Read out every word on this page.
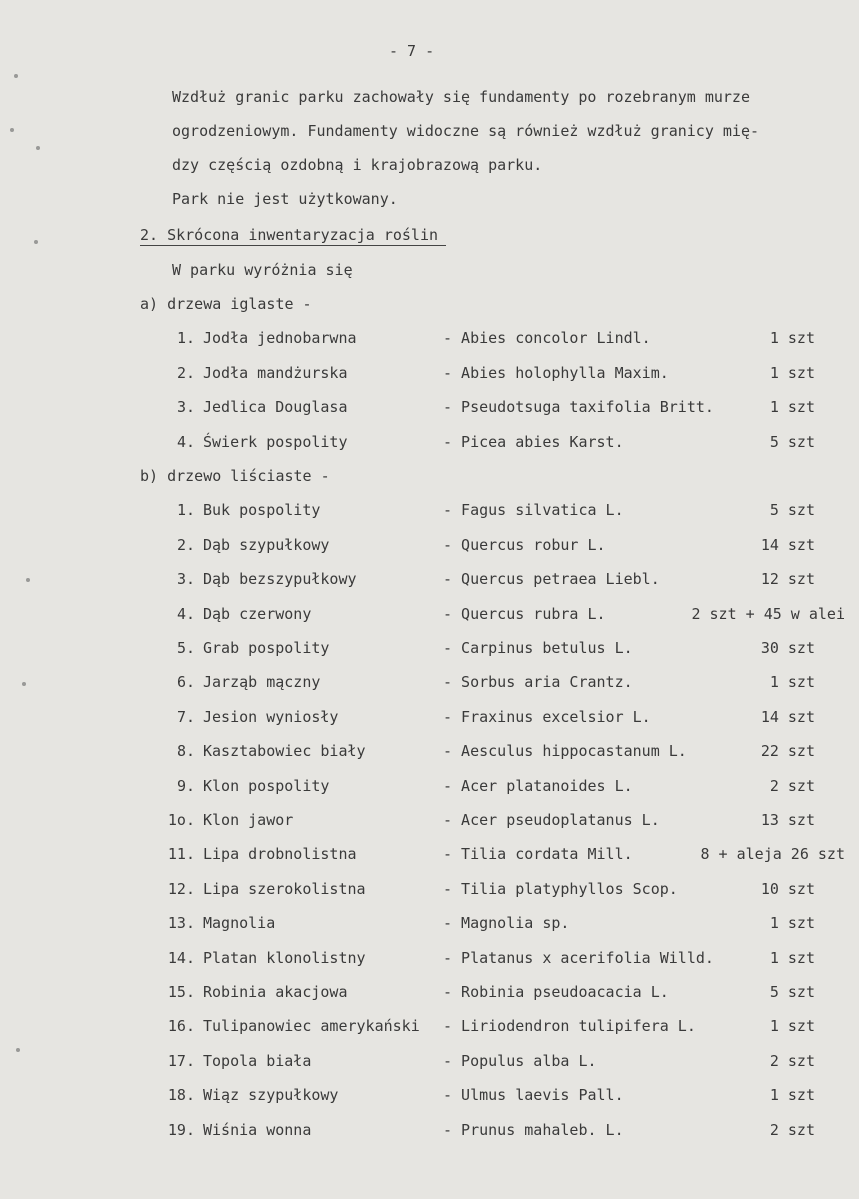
- 7 -
Wzdłuż granic parku zachowały się fundamenty po rozebranym murze
ogrodzeniowym. Fundamenty widoczne są również wzdłuż granicy mię-
dzy częścią ozdobną i krajobrazową parku.
Park nie jest użytkowany.
2. Skrócona inwentaryzacja roślin
W parku wyróżnia się
a) drzewa iglaste -
1. Jodła jednobarwna	- Abies concolor Lindl.	1 szt
2. Jodła mandżurska	- Abies holophylla Maxim.	1 szt
3. Jedlica Douglasa	- Pseudotsuga taxifolia Britt.	1 szt
4. Świerk pospolity	- Picea abies Karst.	5 szt
b) drzewo liściaste -
1. Buk pospolity	- Fagus silvatica L.	5 szt
2. Dąb szypułkowy	- Quercus robur L.	14 szt
3. Dąb bezszypułkowy	- Quercus petraea Liebl.	12 szt
4. Dąb czerwony	- Quercus rubra L.	2 szt + 45 w alei
5. Grab pospolity	- Carpinus betulus L.	30 szt
6. Jarząb mączny	- Sorbus aria Crantz.	1 szt
7. Jesion wyniosły	- Fraxinus excelsior L.	14 szt
8. Kasztabowiec biały	- Aesculus hippocastanum L.	22 szt
9. Klon pospolity	- Acer platanoides L.	2 szt
1o. Klon jawor	- Acer pseudoplatanus L.	13 szt
11. Lipa drobnolistna	- Tilia cordata Mill.	8 + aleja 26 szt
12. Lipa szerokolistna	- Tilia platyphyllos Scop.	10 szt
13. Magnolia	- Magnolia sp.	1 szt
14. Platan klonolistny	- Platanus x acerifolia Willd.	1 szt
15. Robinia akacjowa	- Robinia pseudoacacia L.	5 szt
16. Tulipanowiec amerykański - Liriodendron tulipifera L.	1 szt
17. Topola biała	- Populus alba L.	2 szt
18. Wiąz szypułkowy	- Ulmus laevis Pall.	1 szt
19. Wiśnia wonna	- Prunus mahaleb. L.	2 szt
